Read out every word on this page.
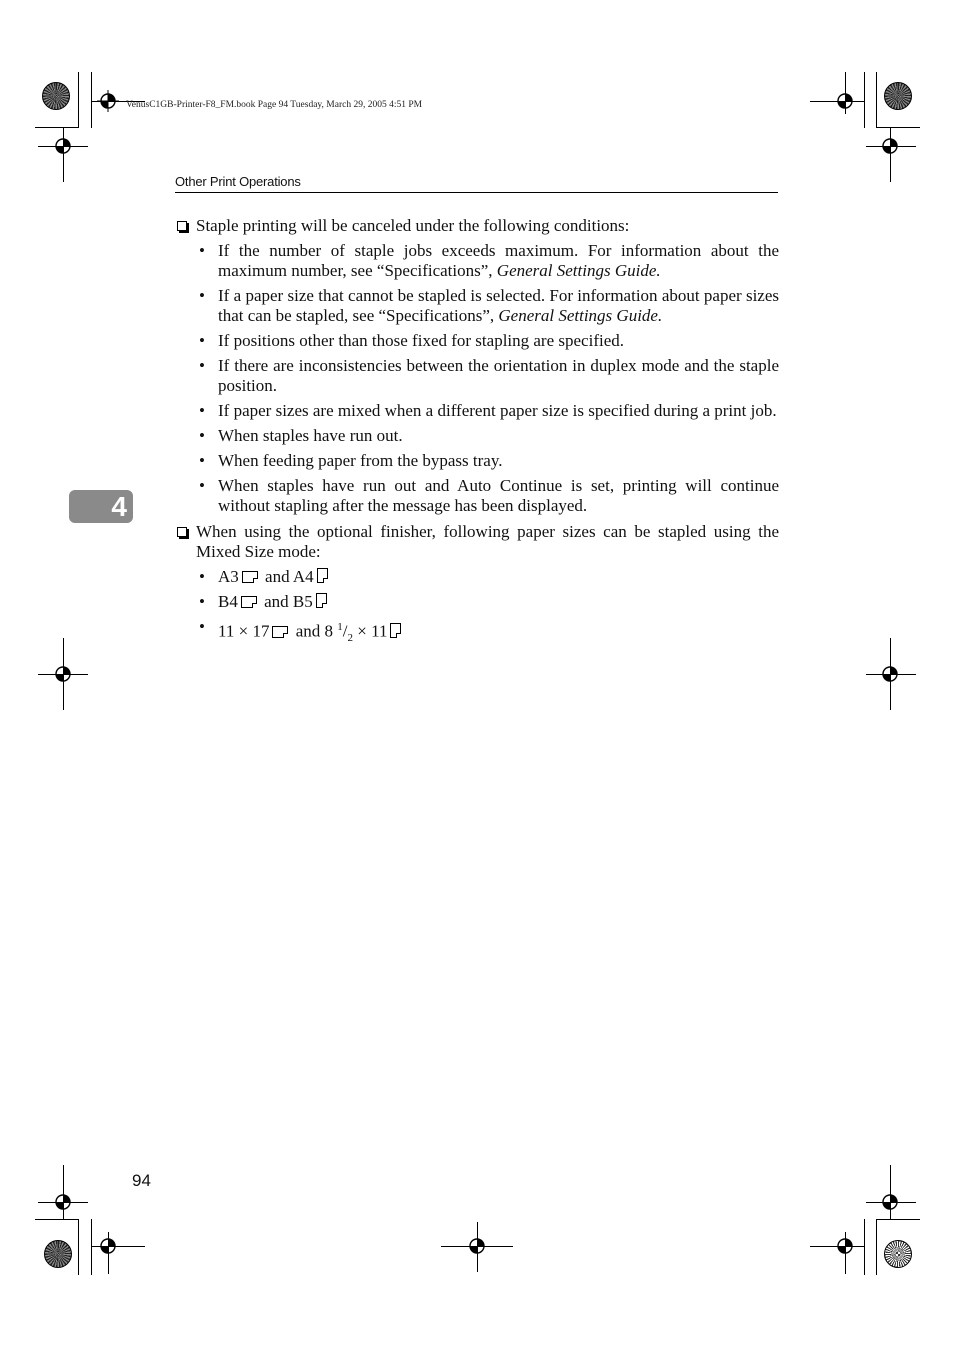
VenusC1GB-Printer-F8_FM.book Page 94 Tuesday, March 29, 2005 4:51 PM
Other Print Operations
4
Staple printing will be canceled under the following conditions:
• If the number of staple jobs exceeds maximum. For information about the maximum number, see “Specifications”, General Settings Guide.
• If a paper size that cannot be stapled is selected. For information about paper sizes that can be stapled, see “Specifications”, General Settings Guide.
• If positions other than those fixed for stapling are specified.
• If there are inconsistencies between the orientation in duplex mode and the staple position.
• If paper sizes are mixed when a different paper size is specified during a print job.
• When staples have run out.
• When feeding paper from the bypass tray.
• When staples have run out and Auto Continue is set, printing will continue without stapling after the message has been displayed.
When using the optional finisher, following paper sizes can be stapled using the Mixed Size mode:
• A3 and A4
• B4 and B5
• 11 × 17 and 8 $^1/_2 \times 11$
94
